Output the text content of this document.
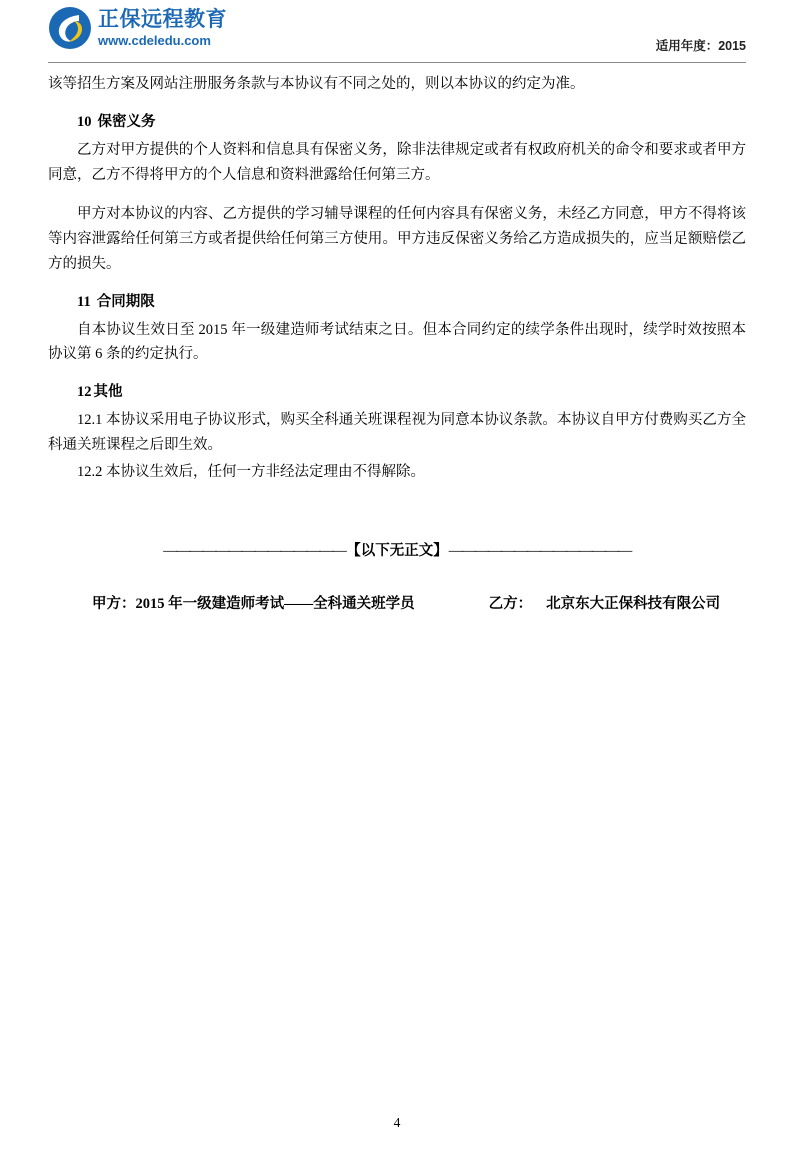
正保远程教育
www.cdeledu.com	适用年度：2015

该等招生方案及网站注册服务条款与本协议有不同之处的，则以本协议的约定为准。

10 保密义务

乙方对甲方提供的个人资料和信息具有保密义务，除非法律规定或者有权政府机关的命令和要求或者甲方同意，乙方不得将甲方的个人信息和资料泄露给任何第三方。

甲方对本协议的内容、乙方提供的学习辅导课程的任何内容具有保密义务，未经乙方同意，甲方不得将该等内容泄露给任何第三方或者提供给任何第三方使用。甲方违反保密义务给乙方造成损失的，应当足额赔偿乙方的损失。

11 合同期限

自本协议生效日至 2015 年一级建造师考试结束之日。但本合同约定的续学条件出现时，续学时效按照本协议第 6 条的约定执行。

12 其他

12.1 本协议采用电子协议形式，购买全科通关班课程视为同意本协议条款。本协议自甲方付费购买乙方全科通关班课程之后即生效。

12.2 本协议生效后，任何一方非经法定理由不得解除。

——————————————【以下无正文】——————————————
甲方：2015 年一级建造师考试——全科通关班学员	乙方： 北京东大正保科技有限公司
4
